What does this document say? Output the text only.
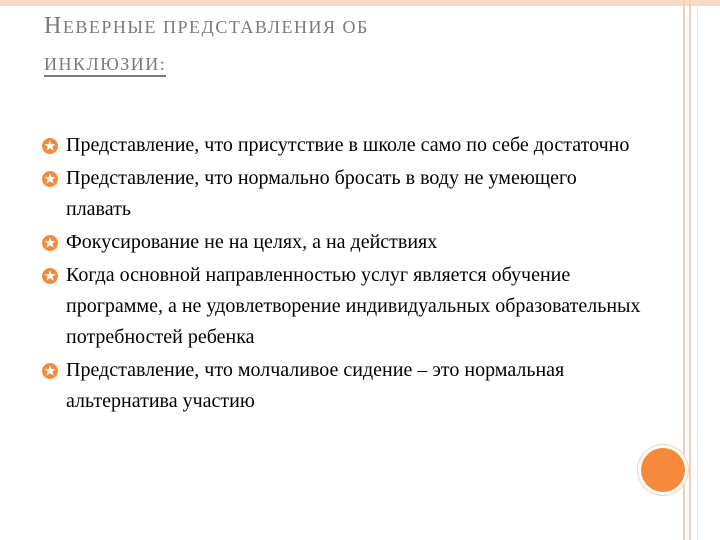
НЕВЕРНЫЕ ПРЕДСТАВЛЕНИЯ ОБ
ИНКЛЮЗИИ:
Представление, что присутствие в школе само по себе достаточно
Представление, что нормально бросать в воду не умеющего плавать
Фокусирование не на целях, а на действиях
Когда основной направленностью услуг является обучение программе, а не удовлетворение индивидуальных образовательных потребностей ребенка
Представление, что молчаливое сидение – это нормальная альтернатива участию
